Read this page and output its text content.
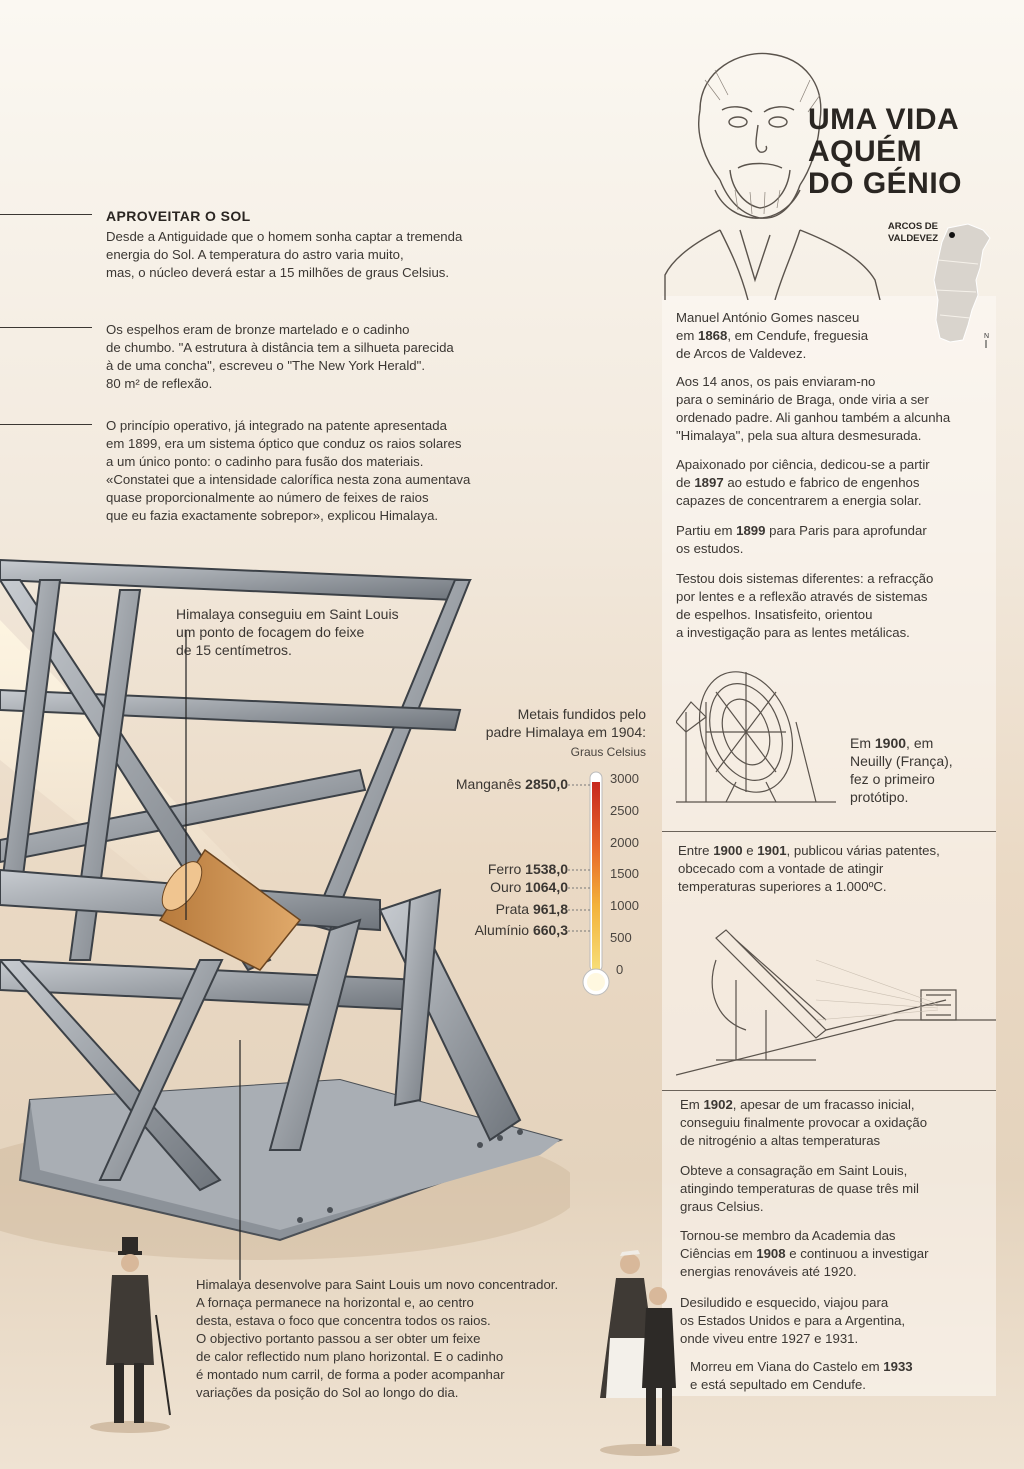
UMA VIDA
AQUÉM
DO GÉNIO
ARCOS DE
VALDEVEZ
N
APROVEITAR O SOL
Desde a Antiguidade que o homem sonha captar a tremenda
energia do Sol. A temperatura do astro varia muito,
mas, o núcleo deverá estar a 15 milhões de graus Celsius.
Os espelhos eram de bronze martelado e o cadinho
de chumbo. "A estrutura à distância tem a silhueta parecida
à de uma concha", escreveu o "The New York Herald".
80 m² de reflexão.
O princípio operativo, já integrado na patente apresentada
em 1899, era um sistema óptico que conduz os raios solares
a um único ponto: o cadinho para fusão dos materiais.
«Constatei que a intensidade calorífica nesta zona aumentava
quase proporcionalmente ao número de feixes de raios
que eu fazia exactamente sobrepor», explicou Himalaya.
Himalaya conseguiu em Saint Louis
um ponto de focagem do feixe
de 15 centímetros.
Metais fundidos pelo
padre Himalaya em 1904:
Graus Celsius
3000
2500
2000
1500
1000
500
0
Manganês 2850,0
Ferro 1538,0
Ouro 1064,0
Prata 961,8
Alumínio 660,3
Himalaya desenvolve para Saint Louis um novo concentrador.
A fornaça permanece na horizontal e, ao centro
desta, estava o foco que concentra todos os raios.
O objectivo portanto passou a ser obter um feixe
de calor reflectido num plano horizontal. E o cadinho
é montado num carril, de forma a poder acompanhar
variações da posição do Sol ao longo do dia.
Manuel António Gomes nasceu
em 1868, em Cendufe, freguesia
de Arcos de Valdevez.
Aos 14 anos, os pais enviaram-no
para o seminário de Braga, onde viria a ser
ordenado padre. Ali ganhou também a alcunha
"Himalaya", pela sua altura desmesurada.
Apaixonado por ciência, dedicou-se a partir
de 1897 ao estudo e fabrico de engenhos
capazes de concentrarem a energia solar.
Partiu em 1899 para Paris para aprofundar
os estudos.
Testou dois sistemas diferentes: a refracção
por lentes e a reflexão através de sistemas
de espelhos. Insatisfeito, orientou
a investigação para as lentes metálicas.
Em 1900, em
Neuilly (França),
fez o primeiro
protótipo.
Entre 1900 e 1901, publicou várias patentes,
obcecado com a vontade de atingir
temperaturas superiores a 1.000ºC.
Em 1902, apesar de um fracasso inicial,
conseguiu finalmente provocar a oxidação
de nitrogénio a altas temperaturas
Obteve a consagração em Saint Louis,
atingindo temperaturas de quase três mil
graus Celsius.
Tornou-se membro da Academia das
Ciências em 1908 e continuou a investigar
energias renováveis até 1920.
Desiludido e esquecido, viajou para
os Estados Unidos e para a Argentina,
onde viveu entre 1927 e 1931.
Morreu em Viana do Castelo em 1933
e está sepultado em Cendufe.
